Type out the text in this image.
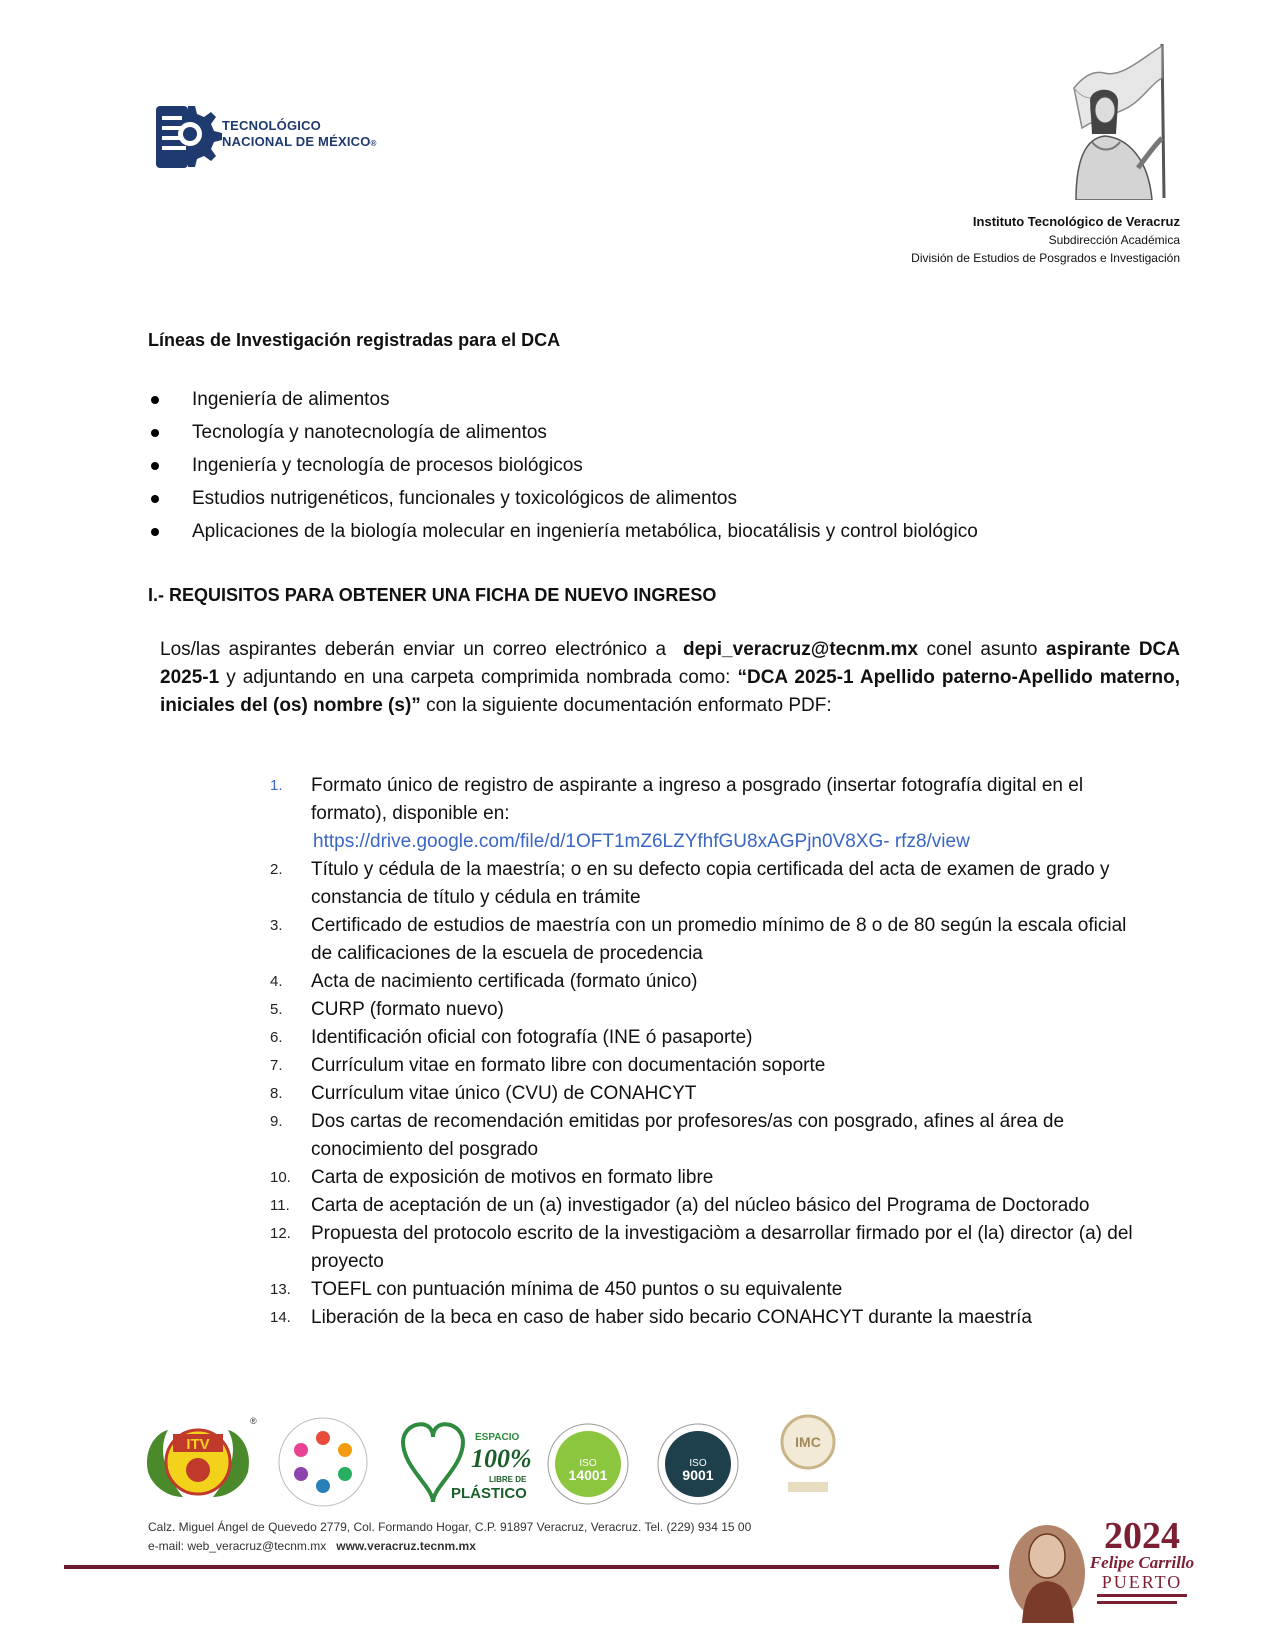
TECNOLÓGICO
NACIONAL DE MÉXICO®
Instituto Tecnológico de Veracruz
Subdirección Académica
División de Estudios de Posgrados e Investigación
Líneas de Investigación registradas para el DCA
Ingeniería de alimentos
Tecnología y nanotecnología de alimentos
Ingeniería y tecnología de procesos biológicos
Estudios nutrigenéticos, funcionales y toxicológicos de alimentos
Aplicaciones de la biología molecular en ingeniería metabólica, biocatálisis y control biológico
I.- REQUISITOS PARA OBTENER UNA FICHA DE NUEVO INGRESO
Los/las aspirantes deberán enviar un correo electrónico a depi_veracruz@tecnm.mx conel asunto aspirante DCA 2025-1 y adjuntando en una carpeta comprimida nombrada como: “DCA 2025-1 Apellido paterno-Apellido materno, iniciales del (os) nombre (s)” con la siguiente documentación enformato PDF:
1. Formato único de registro de aspirante a ingreso a posgrado (insertar fotografía digital en el formato), disponible en:
https://drive.google.com/file/d/1OFT1mZ6LZYfhfGU8xAGPjn0V8XG- rfz8/view
2. Título y cédula de la maestría; o en su defecto copia certificada del acta de examen de grado y constancia de título y cédula en trámite
3. Certificado de estudios de maestría con un promedio mínimo de 8 o de 80 según la escala oficial de calificaciones de la escuela de procedencia
4. Acta de nacimiento certificada (formato único)
5. CURP (formato nuevo)
6. Identificación oficial con fotografía (INE ó pasaporte)
7. Currículum vitae en formato libre con documentación soporte
8. Currículum vitae único (CVU) de CONAHCYT
9. Dos cartas de recomendación emitidas por profesores/as con posgrado, afines al área de conocimiento del posgrado
10. Carta de exposición de motivos en formato libre
11. Carta de aceptación de un (a) investigador (a) del núcleo básico del Programa de Doctorado
12. Propuesta del protocolo escrito de la investigaciòm a desarrollar firmado por el (la) director (a) del proyecto
13. TOEFL con puntuación mínima de 450 puntos o su equivalente
14. Liberación de la beca en caso de haber sido becario CONAHCYT durante la maestría
ITV
®
ESPACIO
100%
LIBRE DE
PLÁSTICO
ISO
14001
ISO
9001
IMC
Calz. Miguel Ángel de Quevedo 2779, Col. Formando Hogar, C.P. 91897 Veracruz, Veracruz. Tel. (229) 934 15 00
e-mail: web_veracruz@tecnm.mx www.veracruz.tecnm.mx	2024
Felipe Carrillo
PUERTO
